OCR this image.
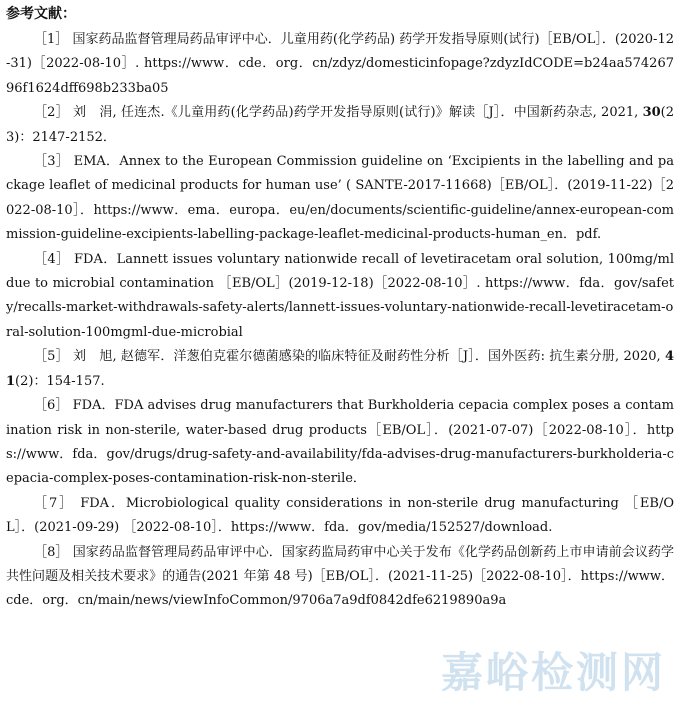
参考文献：

［1］ 国家药品监督管理局药品审评中心．儿童用药(化学药品) 药学开发指导原则(试行)［EB/OL］．(2020-12-31)［2022-08-10］. https://www．cde．org．cn/zdyz/domesticinfopage?zdyzIdCODE=b24aa57426796f1624dff698b233ba05

［2］ 刘　涓, 任连杰.《儿童用药(化学药品)药学开发指导原则(试行)》解读［J］．中国新药杂志, 2021, 30(23)：2147-2152．

［3］ EMA．Annex to the European Commission guideline on ‘Excipients in the labelling and package leaflet of medicinal products for human use’ ( SANTE-2017-11668)［EB/OL］．(2019-11-22)［2022-08-10］．https://www．ema．europa．eu/en/documents/scientific-guideline/annex-european-commission-guideline-excipients-labelling-package-leaflet-medicinal-products-human_en．pdf.

［4］ FDA．Lannett issues voluntary nationwide recall of levetiracetam oral solution, 100mg/ml due to microbial contamination ［EB/OL］(2019-12-18)［2022-08-10］. https://www．fda．gov/safety/recalls-market-withdrawals-safety-alerts/lannett-issues-voluntary-nationwide-recall-levetiracetam-oral-solution-100mgml-due-microbial

［5］ 刘　旭, 赵德军．洋葱伯克霍尔德菌感染的临床特征及耐药性分析［J］．国外医药: 抗生素分册, 2020, 41(2)：154-157.

［6］ FDA．FDA advises drug manufacturers that Burkholderia cepacia complex poses a contamination risk in non-sterile, water-based drug products［EB/OL］．(2021-07-07)［2022-08-10］．https://www．fda．gov/drugs/drug-safety-and-availability/fda-advises-drug-manufacturers-burkholderia-cepacia-complex-poses-contamination-risk-non-sterile．

［7］ FDA．Microbiological quality considerations in non-sterile drug manufacturing ［EB/OL］．(2021-09-29) ［2022-08-10］．https://www．fda．gov/media/152527/download.

［8］ 国家药品监督管理局药品审评中心．国家药监局药审中心关于发布《化学药品创新药上市申请前会议药学共性问题及相关技术要求》的通告(2021 年第 48 号)［EB/OL］．(2021-11-25)［2022-08-10］．https://www．cde．org．cn/main/news/viewInfoCommon/9706a7a9df0842dfe6219890a9a

嘉峪检测网
